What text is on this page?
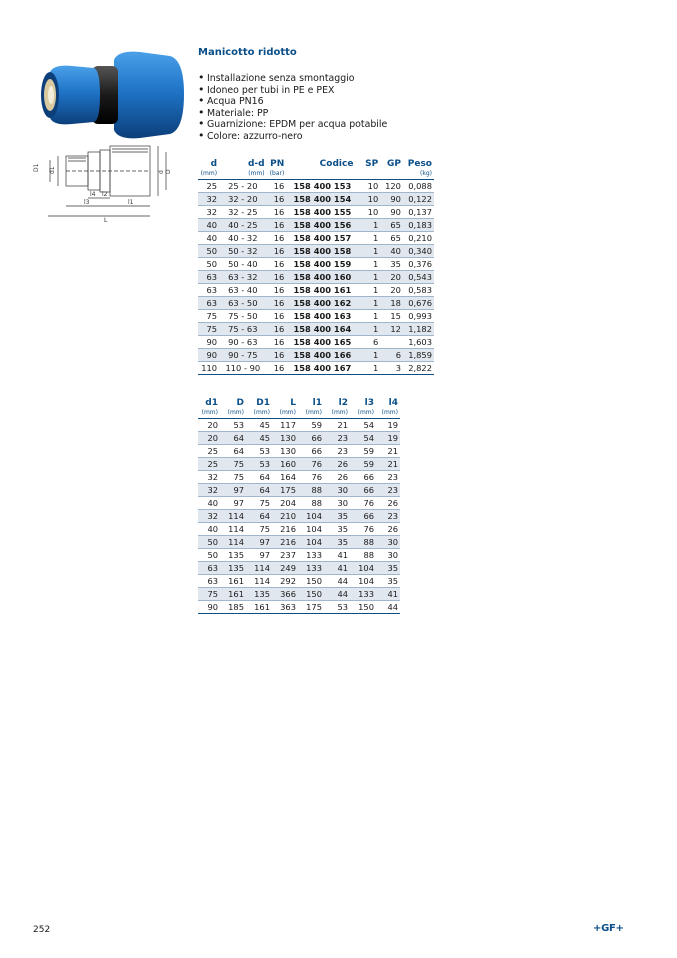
D1 d1	D
d
l4 l2
l3	l1
L
Manicotto ridotto
• Installazione senza smontaggio
• Idoneo per tubi in PE e PEX
• Acqua PN16
• Materiale: PP
• Guarnizione: EPDM per acqua potabile
• Colore: azzurro-nero
d	d-d	PN	Codice	SP	GP	Peso
(mm)	(mm)	(bar)				(kg)
25	25 - 20	16	158 400 153	10	120	0,088
32	32 - 20	16	158 400 154	10	90	0,122
32	32 - 25	16	158 400 155	10	90	0,137
40	40 - 25	16	158 400 156	1	65	0,183
40	40 - 32	16	158 400 157	1	65	0,210
50	50 - 32	16	158 400 158	1	40	0,340
50	50 - 40	16	158 400 159	1	35	0,376
63	63 - 32	16	158 400 160	1	20	0,543
63	63 - 40	16	158 400 161	1	20	0,583
63	63 - 50	16	158 400 162	1	18	0,676
75	75 - 50	16	158 400 163	1	15	0,993
75	75 - 63	16	158 400 164	1	12	1,182
90	90 - 63	16	158 400 165	6		1,603
90	90 - 75	16	158 400 166	1	6	1,859
110	110 - 90	16	158 400 167	1	3	2,822
d1	D	D1	L	l1	l2	l3	l4
(mm)	(mm)	(mm)	(mm)	(mm)	(mm)	(mm)	(mm)
20	53	45	117	59	21	54	19
20	64	45	130	66	23	54	19
25	64	53	130	66	23	59	21
25	75	53	160	76	26	59	21
32	75	64	164	76	26	66	23
32	97	64	175	88	30	66	23
40	97	75	204	88	30	76	26
32	114	64	210	104	35	66	23
40	114	75	216	104	35	76	26
50	114	97	216	104	35	88	30
50	135	97	237	133	41	88	30
63	135	114	249	133	41	104	35
63	161	114	292	150	44	104	35
75	161	135	366	150	44	133	41
90	185	161	363	175	53	150	44
252	+GF+
